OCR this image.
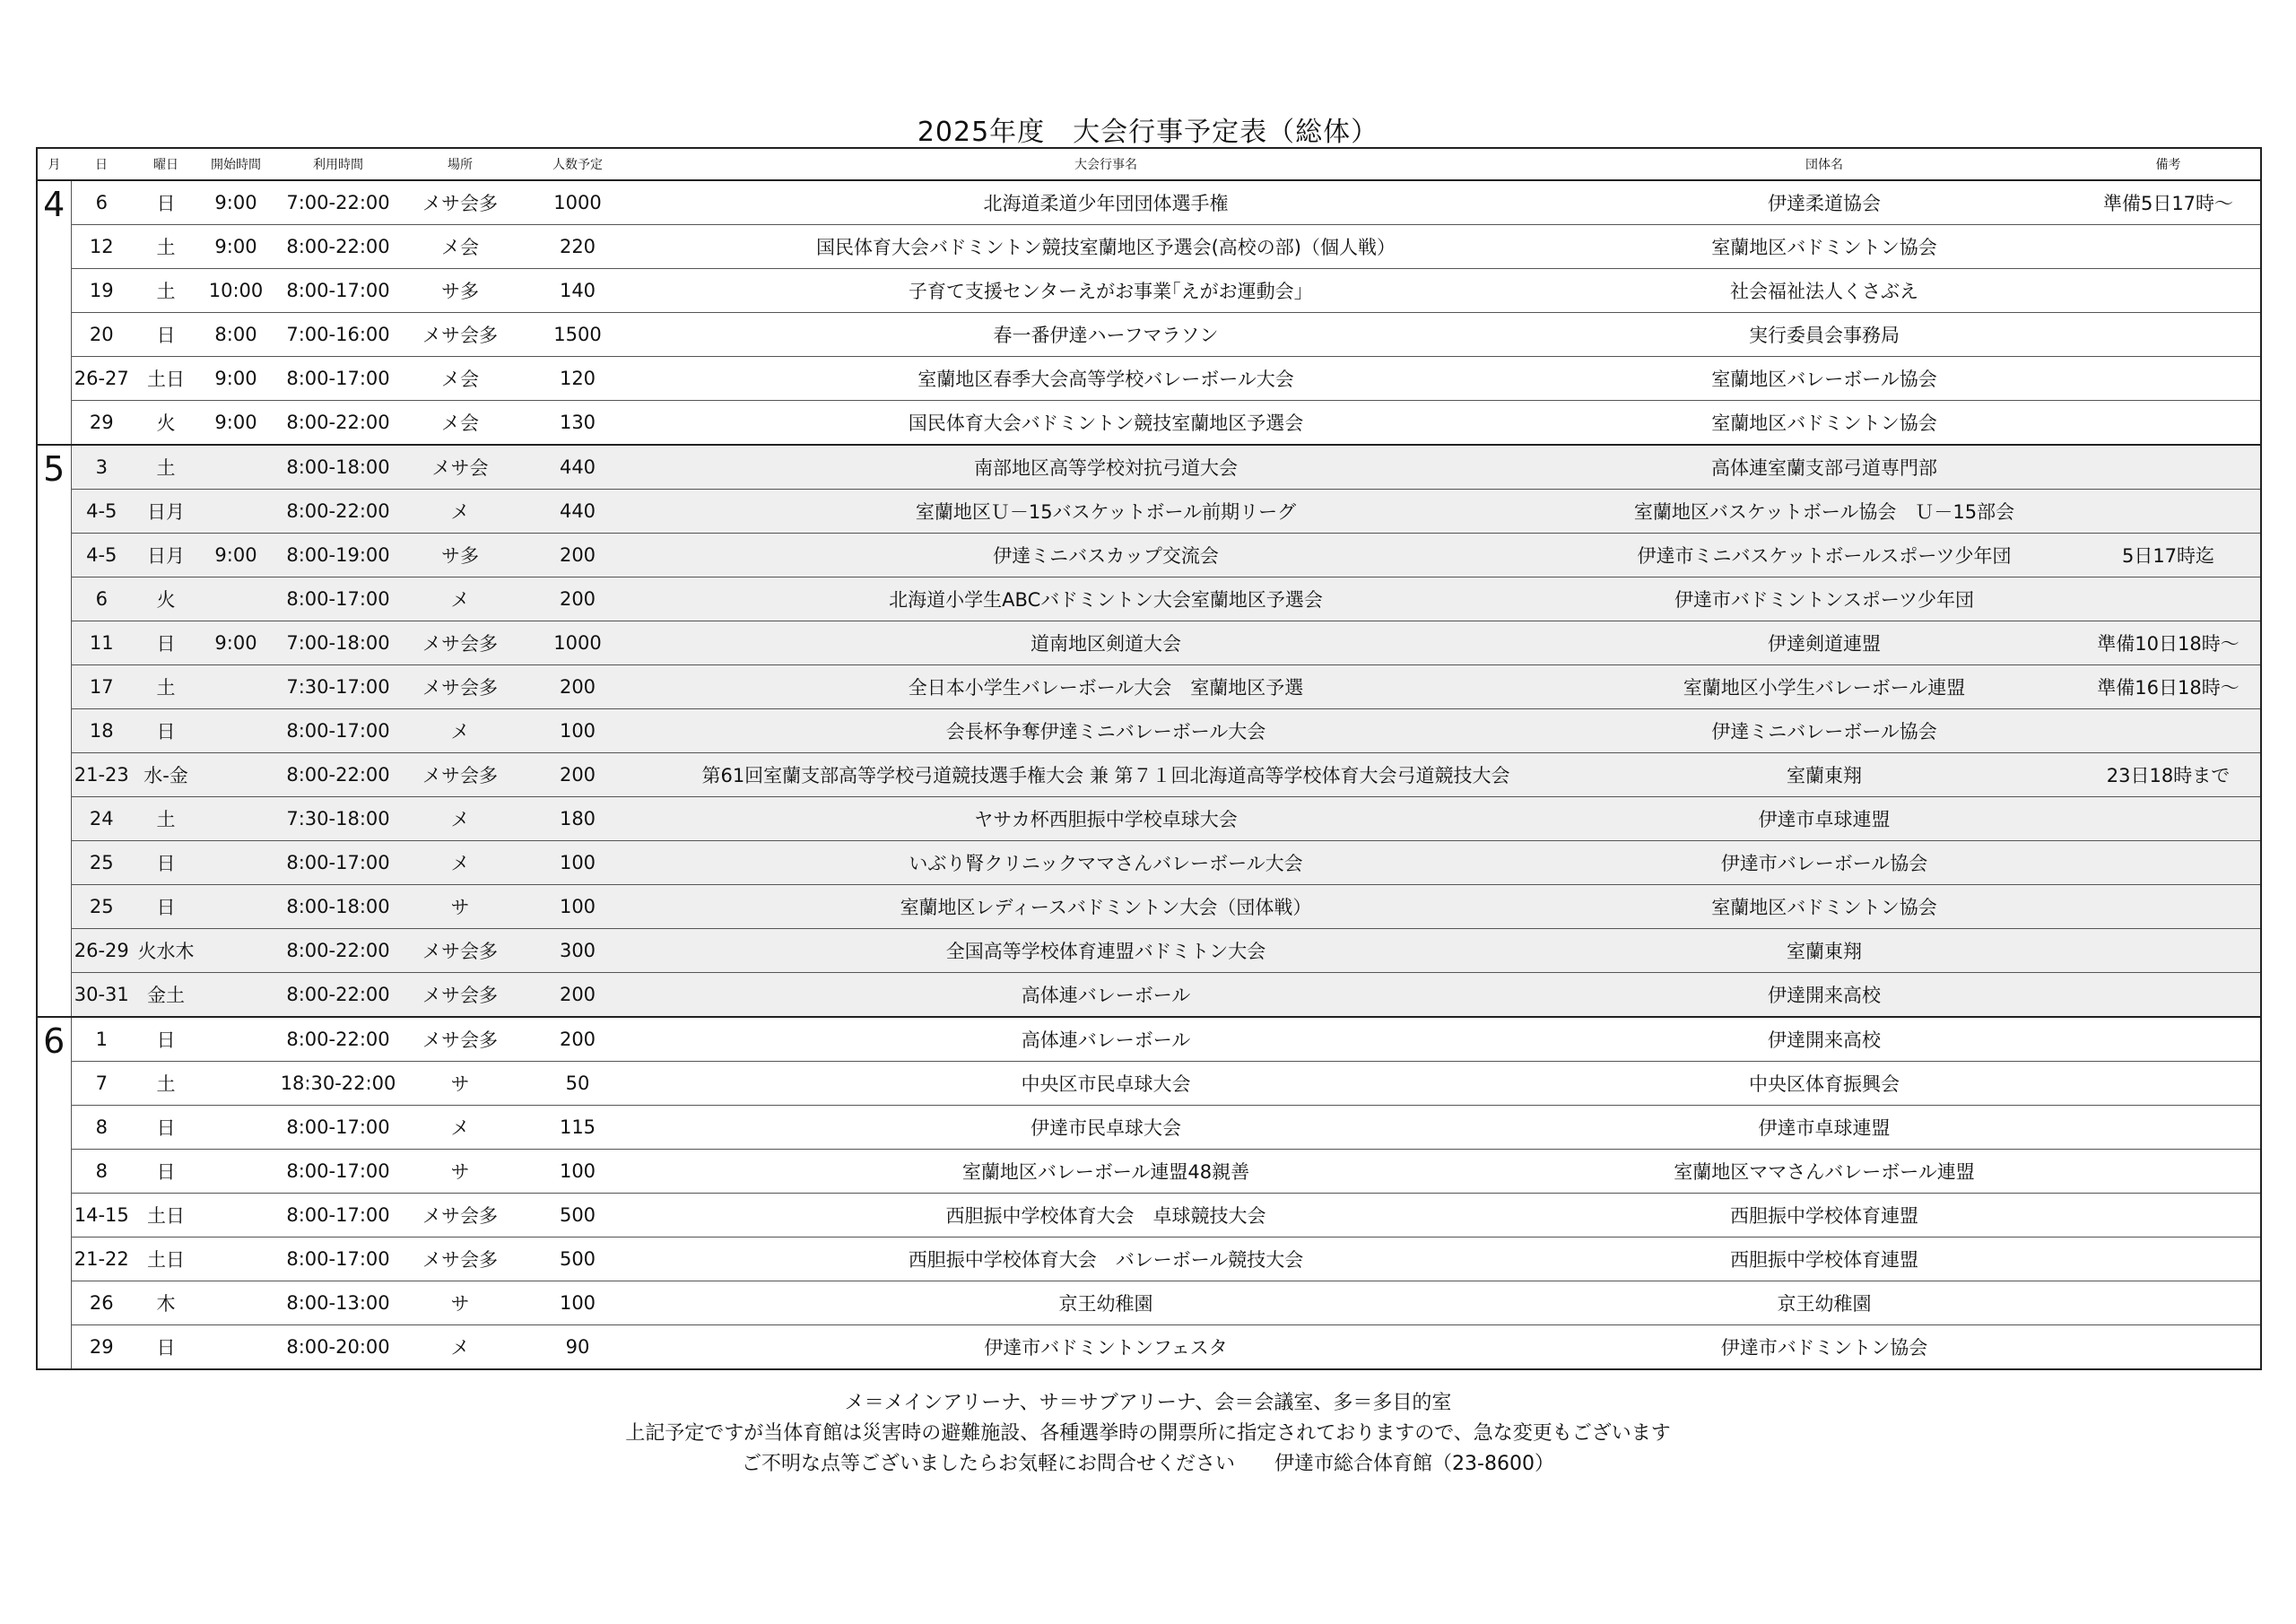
2025年度　大会行事予定表（総体）
月	日	曜日	開始時間	利用時間	場所	人数予定	大会行事名	団体名	備考
4	6	日	9:00	7:00-22:00	メサ会多	1000	北海道柔道少年団団体選手権	伊達柔道協会	準備5日17時～
	12	土	9:00	8:00-22:00	メ会	220	国民体育大会バドミントン競技室蘭地区予選会(高校の部)（個人戦）	室蘭地区バドミントン協会	
	19	土	10:00	8:00-17:00	サ多	140	子育て支援センターえがお事業｢えがお運動会｣	社会福祉法人くさぶえ	
	20	日	8:00	7:00-16:00	メサ会多	1500	春一番伊達ハーフマラソン	実行委員会事務局	
	26-27	土日	9:00	8:00-17:00	メ会	120	室蘭地区春季大会高等学校バレーボール大会	室蘭地区バレーボール協会	
	29	火	9:00	8:00-22:00	メ会	130	国民体育大会バドミントン競技室蘭地区予選会	室蘭地区バドミントン協会	
5	3	土		8:00-18:00	メサ会	440	南部地区高等学校対抗弓道大会	高体連室蘭支部弓道専門部	
	4-5	日月		8:00-22:00	メ	440	室蘭地区Ｕ－15バスケットボール前期リーグ	室蘭地区バスケットボール協会　Ｕ－15部会	
	4-5	日月	9:00	8:00-19:00	サ多	200	伊達ミニバスカップ交流会	伊達市ミニバスケットボールスポーツ少年団	5日17時迄
	6	火		8:00-17:00	メ	200	北海道小学生ABCバドミントン大会室蘭地区予選会	伊達市バドミントンスポーツ少年団	
	11	日	9:00	7:00-18:00	メサ会多	1000	道南地区剣道大会	伊達剣道連盟	準備10日18時～
	17	土		7:30-17:00	メサ会多	200	全日本小学生バレーボール大会　室蘭地区予選	室蘭地区小学生バレーボール連盟	準備16日18時～
	18	日		8:00-17:00	メ	100	会長杯争奪伊達ミニバレーボール大会	伊達ミニバレーボール協会	
	21-23	水-金		8:00-22:00	メサ会多	200	第61回室蘭支部高等学校弓道競技選手権大会 兼 第７１回北海道高等学校体育大会弓道競技大会	室蘭東翔	23日18時まで
	24	土		7:30-18:00	メ	180	ヤサカ杯西胆振中学校卓球大会	伊達市卓球連盟	
	25	日		8:00-17:00	メ	100	いぶり腎クリニックママさんバレーボール大会	伊達市バレーボール協会	
	25	日		8:00-18:00	サ	100	室蘭地区レディースバドミントン大会（団体戦）	室蘭地区バドミントン協会	
	26-29	火水木		8:00-22:00	メサ会多	300	全国高等学校体育連盟バドミトン大会	室蘭東翔	
	30-31	金土		8:00-22:00	メサ会多	200	高体連バレーボール	伊達開来高校	
6	1	日		8:00-22:00	メサ会多	200	高体連バレーボール	伊達開来高校	
	7	土		18:30-22:00	サ	50	中央区市民卓球大会	中央区体育振興会	
	8	日		8:00-17:00	メ	115	伊達市民卓球大会	伊達市卓球連盟	
	8	日		8:00-17:00	サ	100	室蘭地区バレーボール連盟48親善	室蘭地区ママさんバレーボール連盟	
	14-15	土日		8:00-17:00	メサ会多	500	西胆振中学校体育大会　卓球競技大会	西胆振中学校体育連盟	
	21-22	土日		8:00-17:00	メサ会多	500	西胆振中学校体育大会　バレーボール競技大会	西胆振中学校体育連盟	
	26	木		8:00-13:00	サ	100	京王幼稚園	京王幼稚園	
	29	日		8:00-20:00	メ	90	伊達市バドミントンフェスタ	伊達市バドミントン協会	
メ＝メインアリーナ、サ＝サブアリーナ、会＝会議室、多＝多目的室
上記予定ですが当体育館は災害時の避難施設、各種選挙時の開票所に指定されておりますので、急な変更もございます
ご不明な点等ございましたらお気軽にお問合せください　　伊達市総合体育館（23-8600）
